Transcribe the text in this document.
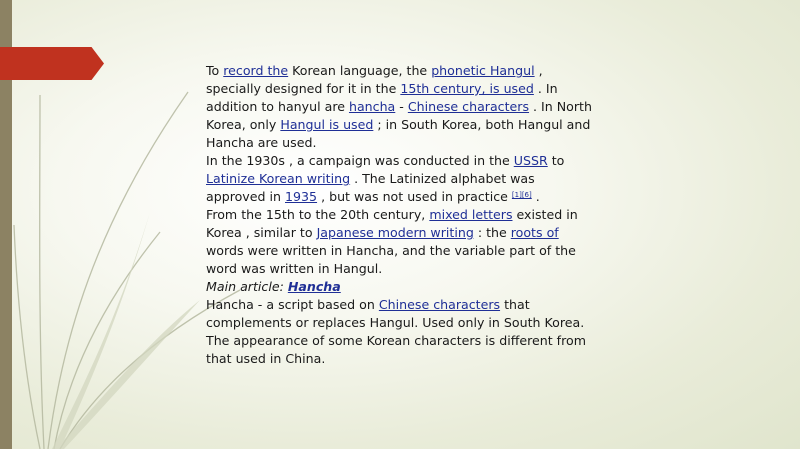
To record the Korean language, the phonetic Hangul , specially designed for it in the 15th century, is used . In addition to hanyul are hancha - Chinese characters . In North Korea, only Hangul is used ; in South Korea, both Hangul and Hancha are used.

In the 1930s , a campaign was conducted in the USSR to Latinize Korean writing . The Latinized alphabet was approved in 1935 , but was not used in practice [1][6] .

From the 15th to the 20th century, mixed letters existed in Korea , similar to Japanese modern writing : the roots of words were written in Hancha, and the variable part of the word was written in Hangul.

Main article: Hancha

Hancha - a script based on Chinese characters that complements or replaces Hangul. Used only in South Korea. The appearance of some Korean characters is different from that used in China.
